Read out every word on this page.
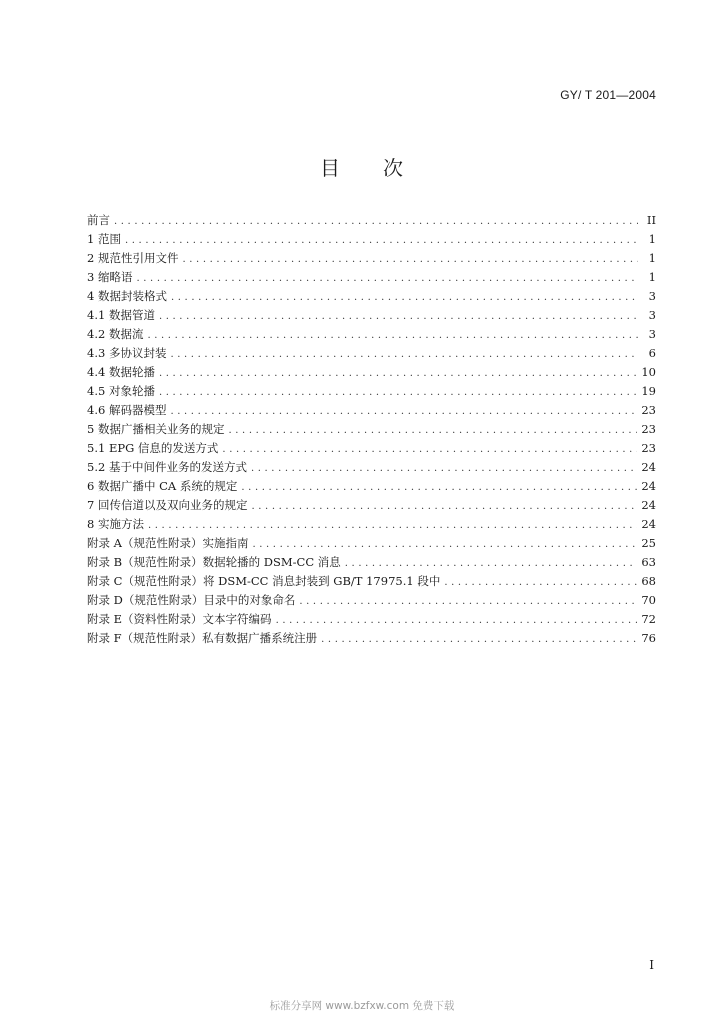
GY/ T 201—2004
目　　次
前言 .....	II
1 范围 .....	1
2 规范性引用文件 .....	1
3 缩略语 .....	1
4 数据封装格式 .....	3
4.1 数据管道 .....	3
4.2 数据流 .....	3
4.3 多协议封装 .....	6
4.4 数据轮播 .....	10
4.5 对象轮播 .....	19
4.6 解码器模型 .....	23
5 数据广播相关业务的规定 .....	23
5.1 EPG 信息的发送方式 .....	23
5.2 基于中间件业务的发送方式 .....	24
6 数据广播中 CA 系统的规定 .....	24
7 回传信道以及双向业务的规定 .....	24
8 实施方法 .....	24
附录 A（规范性附录）实施指南 .....	25
附录 B（规范性附录）数据轮播的 DSM-CC 消息 .....	63
附录 C（规范性附录）将 DSM-CC 消息封装到 GB/T 17975.1 段中 .....	68
附录 D（规范性附录）目录中的对象命名 .....	70
附录 E（资料性附录）文本字符编码 .....	72
附录 F（规范性附录）私有数据广播系统注册 .....	76
I
标准分享网 www.bzfxw.com 免费下载
